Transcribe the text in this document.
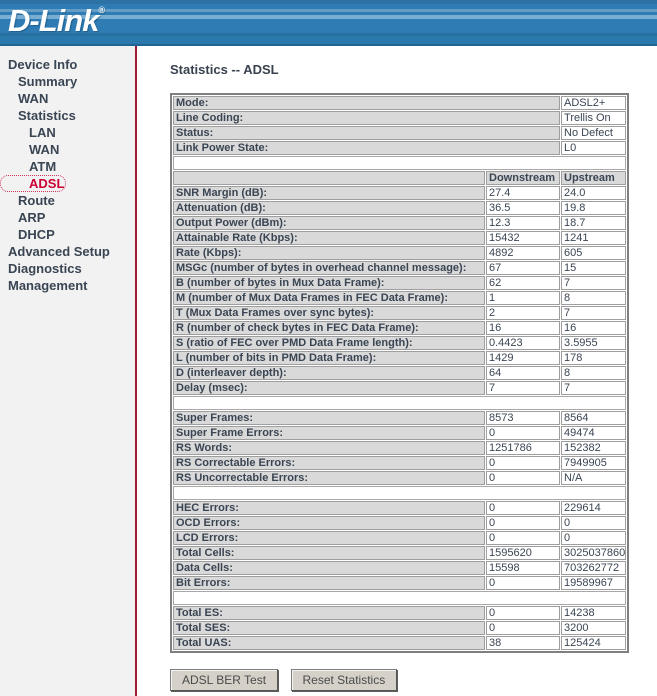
D-Link®
Device Info
Summary
WAN
Statistics
LAN
WAN
ATM
ADSL
Route
ARP
DHCP
Advanced Setup
Diagnostics
Management
Statistics -- ADSL
Mode:		ADSL2+
Line Coding:		Trellis On
Status:		No Defect
Link Power State:		L0

	Downstream	Upstream
SNR Margin (dB):	27.4	24.0
Attenuation (dB):	36.5	19.8
Output Power (dBm):	12.3	18.7
Attainable Rate (Kbps):	15432	1241
Rate (Kbps):	4892	605
MSGc (number of bytes in overhead channel message):	67	15
B (number of bytes in Mux Data Frame):	62	7
M (number of Mux Data Frames in FEC Data Frame):	1	8
T (Mux Data Frames over sync bytes):	2	7
R (number of check bytes in FEC Data Frame):	16	16
S (ratio of FEC over PMD Data Frame length):	0.4423	3.5955
L (number of bits in PMD Data Frame):	1429	178
D (interleaver depth):	64	8
Delay (msec):	7	7

Super Frames:	8573	8564
Super Frame Errors:	0	49474
RS Words:	1251786	152382
RS Correctable Errors:	0	7949905
RS Uncorrectable Errors:	0	N/A

HEC Errors:	0	229614
OCD Errors:	0	0
LCD Errors:	0	0
Total Cells:	1595620	3025037860
Data Cells:	15598	703262772
Bit Errors:	0	19589967

Total ES:	0	14238
Total SES:	0	3200
Total UAS:	38	125424
ADSL BER Test	Reset Statistics
